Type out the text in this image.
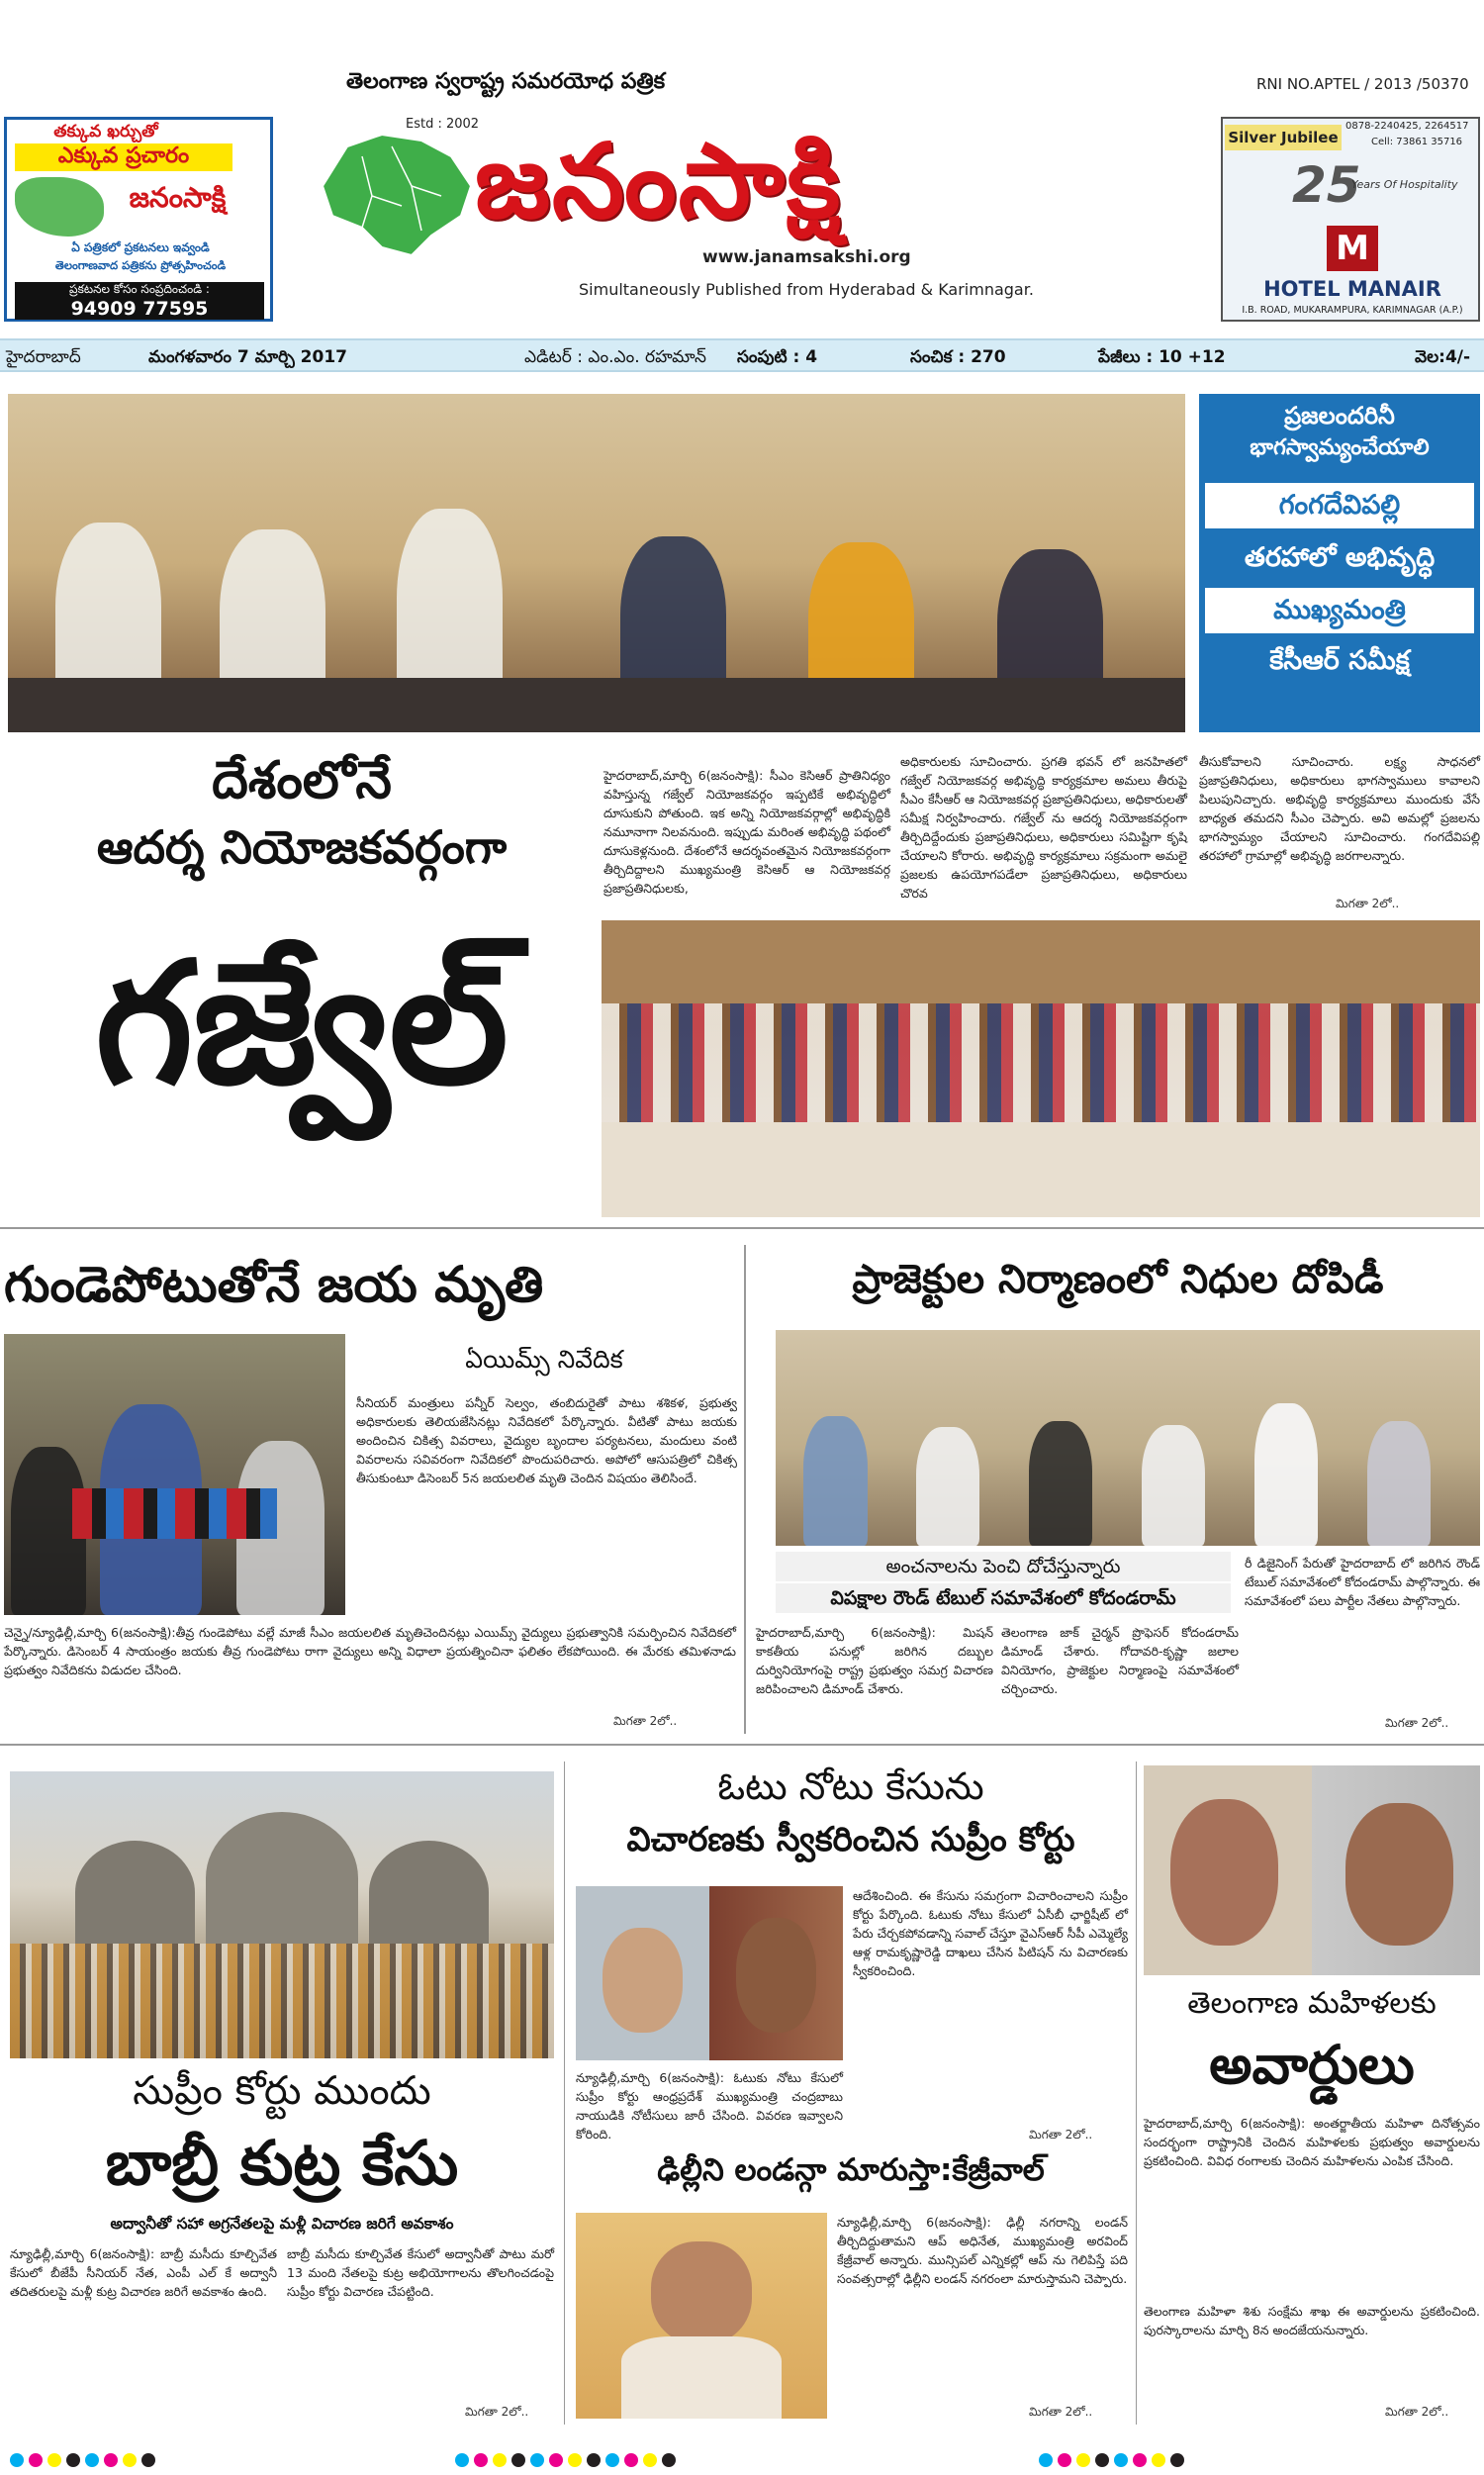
తక్కువ ఖర్చుతో
ఎక్కువ ప్రచారం
జనంసాక్షి
ఏ పత్రికలో ప్రకటనలు ఇవ్వండి
తెలంగాణవాద పత్రికను ప్రోత్సహించండి
ప్రకటనల కోసం సంప్రదించండి :
94909 77595
తెలంగాణ స్వరాష్ట్ర సమరయోధ పత్రిక
Estd : 2002
జనంసాక్షి
www.janamsakshi.org
Simultaneously Published from Hyderabad & Karimnagar.
RNI NO.APTEL / 2013 /50370
Silver Jubilee
0878-2240425, 2264517
Cell: 73861 35716
25
Years Of Hospitality
M
HOTEL MANAIR
I.B. ROAD, MUKARAMPURA, KARIMNAGAR (A.P.)
హైదరాబాద్	మంగళవారం 7 మార్చి 2017	ఎడిటర్ : ఎం.ఎం. రహమాన్ సంపుటి : 4	సంచిక : 270	పేజీలు : 10 +12	వెల:4/-
ప్రజలందరినీ
భాగస్వామ్యంచేయాలి
గంగదేవిపల్లి
తరహాలో అభివృద్ధి
ముఖ్యమంత్రి
కేసీఆర్ సమీక్ష
దేశంలోనే
ఆదర్శ నియోజకవర్గంగా
గజ్వేల్
హైదరాబాద్,మార్చి 6(జనంసాక్షి): సీఎం కెసిఆర్ ప్రాతినిధ్యం వహిస్తున్న గజ్వేల్ నియోజకవర్గం ఇప్పటికే అభివృద్ధిలో దూసుకుని పోతుంది. ఇక అన్ని నియోజకవర్గాల్లో అభివృద్ధికి నమూనాగా నిలవనుంది. ఇప్పుడు మరింత అభివృద్ధి పథంలో దూసుకెళ్లనుంది. దేశంలోనే ఆదర్శవంతమైన నియోజకవర్గంగా తీర్చిదిద్దాలని ముఖ్యమంత్రి కెసిఆర్ ఆ నియోజకవర్గ ప్రజాప్రతినిధులకు,
అధికారులకు సూచించారు. ప్రగతి భవన్ లో జనహితలో గజ్వేల్ నియోజకవర్గ అభివృద్ధి కార్యక్రమాల అమలు తీరుపై సీఎం కేసీఆర్ ఆ నియోజకవర్గ ప్రజాప్రతినిధులు, అధికారులతో సమీక్ష నిర్వహించారు. గజ్వేల్ ను ఆదర్శ నియోజకవర్గంగా తీర్చిదిద్దేందుకు ప్రజాప్రతినిధులు, అధికారులు సమిష్టిగా కృషి చేయాలని కోరారు. అభివృద్ధి కార్యక్రమాలు సక్రమంగా అమలై ప్రజలకు ఉపయోగపడేలా ప్రజాప్రతినిధులు, అధికారులు చొరవ
తీసుకోవాలని సూచించారు. లక్ష్య సాధనలో ప్రజాప్రతినిధులు, అధికారులు భాగస్వాములు కావాలని పిలుపునిచ్చారు. అభివృద్ధి కార్యక్రమాలు ముందుకు వేసే బాధ్యత తమదని సీఎం చెప్పారు. అవి అమల్లో ప్రజలను భాగస్వామ్యం చేయాలని సూచించారు. గంగదేవిపల్లి తరహాలో గ్రామాల్లో అభివృద్ధి జరగాలన్నారు.
మిగతా 2లో..
గుండెపోటుతోనే జయ మృతి
ఏయిమ్స్ నివేదిక
సీనియర్ మంత్రులు పన్నీర్ సెల్వం, తంబిదురైతో పాటు శశికళ, ప్రభుత్వ అధికారులకు తెలియజేసినట్లు నివేదికలో పేర్కొన్నారు. వీటితో పాటు జయకు అందించిన చికిత్స వివరాలు, వైద్యుల బృందాల పర్యటనలు, మందులు వంటి వివరాలను సవివరంగా నివేదికలో పొందుపరిచారు. అపోలో ఆసుపత్రిలో చికిత్స తీసుకుంటూ డిసెంబర్ 5న జయలలిత మృతి చెందిన విషయం తెలిసిందే.
చెన్నై/న్యూఢిల్లీ,మార్చి 6(జనంసాక్షి):తీవ్ర గుండెపోటు వల్లే మాజీ సీఎం జయలలిత మృతిచెందినట్లు ఎయిమ్స్ వైద్యులు ప్రభుత్వానికి సమర్పించిన నివేదికలో పేర్కొన్నారు. డిసెంబర్ 4 సాయంత్రం జయకు తీవ్ర గుండెపోటు రాగా వైద్యులు అన్ని విధాలా ప్రయత్నించినా ఫలితం లేకపోయింది. ఈ మేరకు తమిళనాడు ప్రభుత్వం నివేదికను విడుదల చేసింది.
మిగతా 2లో..
ప్రాజెక్టుల నిర్మాణంలో నిధుల దోపిడీ
అంచనాలను పెంచి దోచేస్తున్నారు
విపక్షాల రౌండ్ టేబుల్ సమావేశంలో కోదండరామ్
హైదరాబాద్,మార్చి 6(జనంసాక్షి): మిషన్ కాకతీయ పనుల్లో జరిగిన దబ్బుల దుర్వినియోగంపై రాష్ట్ర ప్రభుత్వం సమగ్ర విచారణ జరిపించాలని డిమాండ్ చేశారు.
తెలంగాణ జాక్ చైర్మన్ ప్రొఫెసర్ కోదండరామ్ డిమాండ్ చేశారు. గోదావరి-కృష్ణా జలాల వినియోగం, ప్రాజెక్టుల నిర్మాణంపై సమావేశంలో చర్చించారు.
రీ డిజైనింగ్ పేరుతో హైదరాబాద్ లో జరిగిన రౌండ్ టేబుల్ సమావేశంలో కోదండరామ్ పాల్గొన్నారు. ఈ సమావేశంలో పలు పార్టీల నేతలు పాల్గొన్నారు.
మిగతా 2లో..
సుప్రీం కోర్టు ముందు
బాబ్రీ కుట్ర కేసు
అద్వానీతో సహా అగ్రనేతలపై మళ్లీ విచారణ జరిగే అవకాశం
న్యూఢిల్లీ,మార్చి 6(జనంసాక్షి): బాబ్రీ మసీదు కూల్చివేత కేసులో బీజేపీ సీనియర్ నేత, ఎంపీ ఎల్ కే అద్వానీ తదితరులపై మళ్లీ కుట్ర విచారణ జరిగే అవకాశం ఉంది.
బాబ్రీ మసీదు కూల్చివేత కేసులో అద్వానీతో పాటు మరో 13 మంది నేతలపై కుట్ర అభియోగాలను తొలగించడంపై సుప్రీం కోర్టు విచారణ చేపట్టింది.
మిగతా 2లో..
ఓటు నోటు కేసును
విచారణకు స్వీకరించిన సుప్రీం కోర్టు
న్యూఢిల్లీ,మార్చి 6(జనంసాక్షి): ఓటుకు నోటు కేసులో సుప్రీం కోర్టు ఆంధ్రప్రదేశ్ ముఖ్యమంత్రి చంద్రబాబు నాయుడికి నోటీసులు జారీ చేసింది. వివరణ ఇవ్వాలని కోరింది.
ఆదేశించింది. ఈ కేసును సమగ్రంగా విచారించాలని సుప్రీం కోర్టు పేర్కొంది. ఓటుకు నోటు కేసులో ఏసీబీ ఛార్జిషీట్ లో పేరు చేర్చకపోవడాన్ని సవాల్ చేస్తూ వైఎస్ఆర్ సీపీ ఎమ్మెల్యే ఆళ్ల రామకృష్ణారెడ్డి దాఖలు చేసిన పిటిషన్ ను విచారణకు స్వీకరించింది.
మిగతా 2లో..
ఢిల్లీని లండన్గా మారుస్తా:కేజ్రీవాల్
న్యూఢిల్లీ,మార్చి 6(జనంసాక్షి): ఢిల్లీ నగరాన్ని లండన్ తీర్చిదిద్దుతామని ఆప్ అధినేత, ముఖ్యమంత్రి అరవింద్ కేజ్రీవాల్ అన్నారు. మున్సిపల్ ఎన్నికల్లో ఆప్ ను గెలిపిస్తే పది సంవత్సరాల్లో ఢిల్లీని లండన్ నగరంలా మారుస్తామని చెప్పారు.
మిగతా 2లో..
తెలంగాణ మహిళలకు
అవార్డులు
హైదరాబాద్,మార్చి 6(జనంసాక్షి): అంతర్జాతీయ మహిళా దినోత్సవం సందర్భంగా రాష్ట్రానికి చెందిన మహిళలకు ప్రభుత్వం అవార్డులను ప్రకటించింది. వివిధ రంగాలకు చెందిన మహిళలను ఎంపిక చేసింది.
తెలంగాణ మహిళా శిశు సంక్షేమ శాఖ ఈ అవార్డులను ప్రకటించింది. పురస్కారాలను మార్చి 8న అందజేయనున్నారు.
మిగతా 2లో..
